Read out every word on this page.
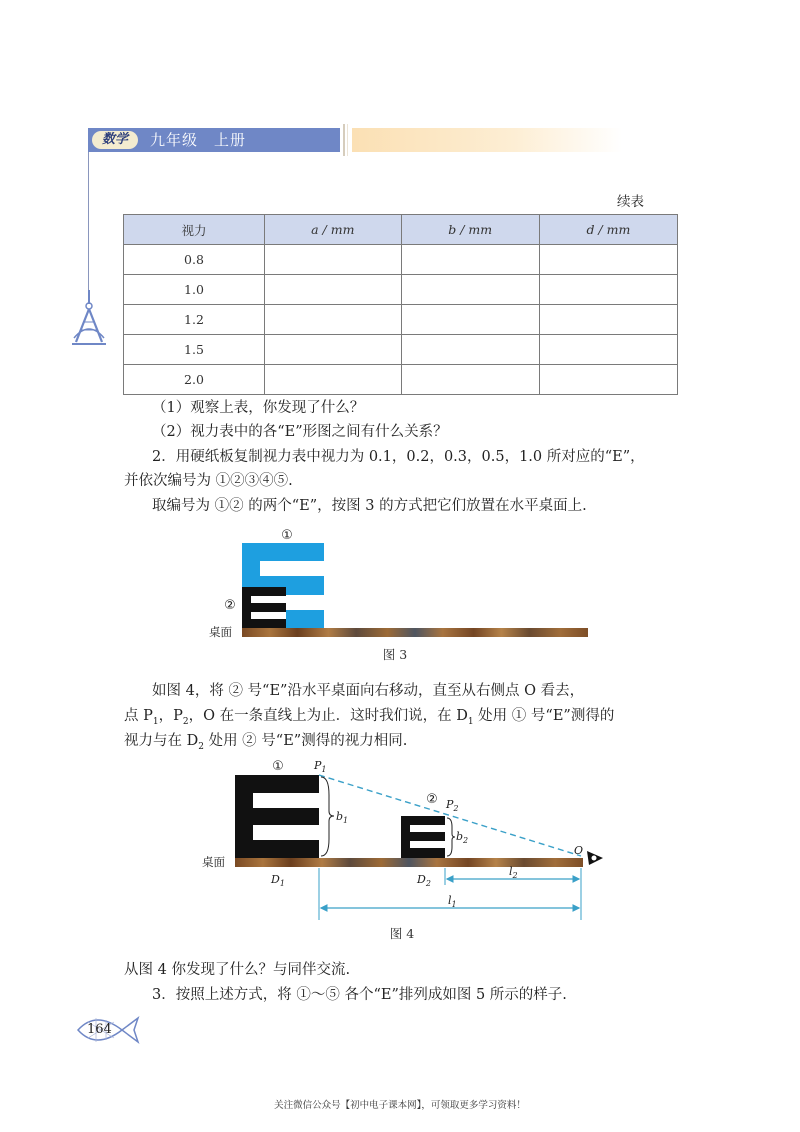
数学	九年级　上册
续表
视力	a / mm	b / mm	d / mm
0.8			
1.0			
1.2			
1.5			
2.0			
（1）观察上表，你发现了什么？
（2）视力表中的各“E”形图之间有什么关系？
2．用硬纸板复制视力表中视力为 0.1，0.2，0.3，0.5，1.0 所对应的“E”，
并依次编号为 ①②③④⑤.
取编号为 ①② 的两个“E”，按图 3 的方式把它们放置在水平桌面上.
①
②
桌面
图 3
如图 4，将 ② 号“E”沿水平桌面向右移动，直至从右侧点 O 看去，
点 $P_1$，$P_2$，O 在一条直线上为止．这时我们说，在 $D_1$ 处用 ① 号“E”测得的
视力与在 $D_2$ 处用 ② 号“E”测得的视力相同.
①
②
$P_1$
$P_2$
$b_1$
$b_2$
O
$D_1$	$D_2$
$l_2$
$l_1$
桌面
图 4
从图 4 你发现了什么？与同伴交流.
3．按照上述方式，将 ①～⑤ 各个“E”排列成如图 5 所示的样子.
164
关注微信公众号【初中电子课本网】，可领取更多学习资料！
